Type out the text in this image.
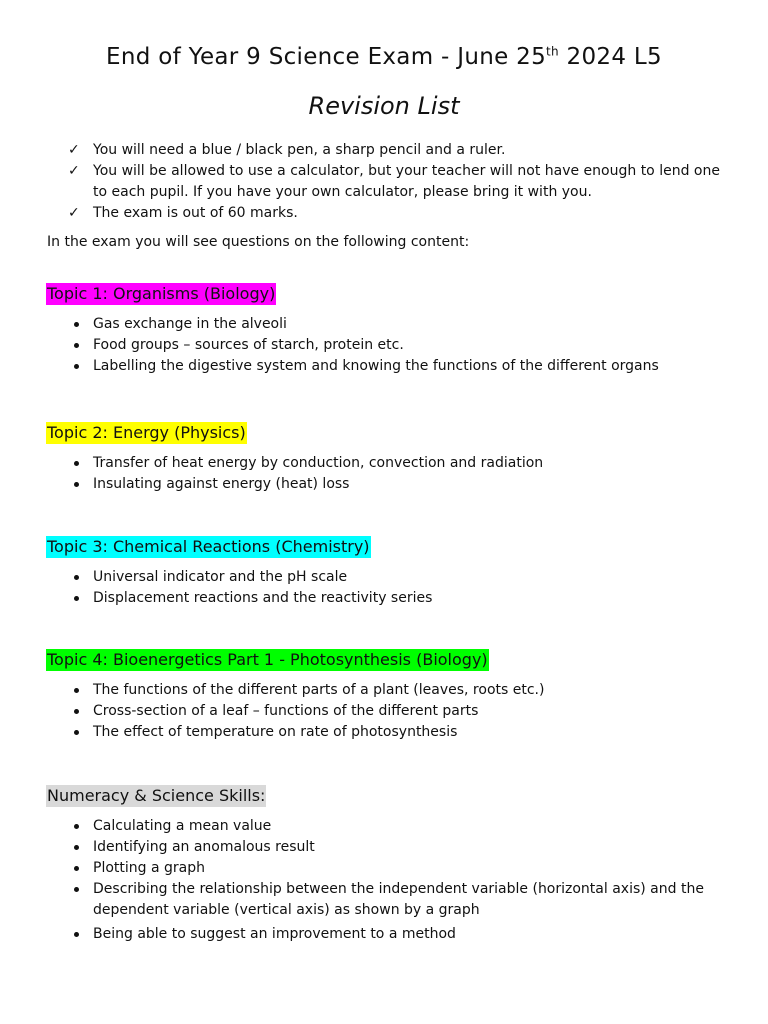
End of Year 9 Science Exam - June 25th 2024 L5
Revision List
✓ You will need a blue / black pen, a sharp pencil and a ruler.
✓ You will be allowed to use a calculator, but your teacher will not have enough to lend one to each pupil. If you have your own calculator, please bring it with you.
✓ The exam is out of 60 marks.
In the exam you will see questions on the following content:
Topic 1: Organisms (Biology)
Gas exchange in the alveoli
Food groups – sources of starch, protein etc.
Labelling the digestive system and knowing the functions of the different organs
Topic 2: Energy (Physics)
Transfer of heat energy by conduction, convection and radiation
Insulating against energy (heat) loss
Topic 3: Chemical Reactions (Chemistry)
Universal indicator and the pH scale
Displacement reactions and the reactivity series
Topic 4: Bioenergetics Part 1 - Photosynthesis (Biology)
The functions of the different parts of a plant (leaves, roots etc.)
Cross-section of a leaf – functions of the different parts
The effect of temperature on rate of photosynthesis
Numeracy & Science Skills:
Calculating a mean value
Identifying an anomalous result
Plotting a graph
Describing the relationship between the independent variable (horizontal axis) and the dependent variable (vertical axis) as shown by a graph
Being able to suggest an improvement to a method
